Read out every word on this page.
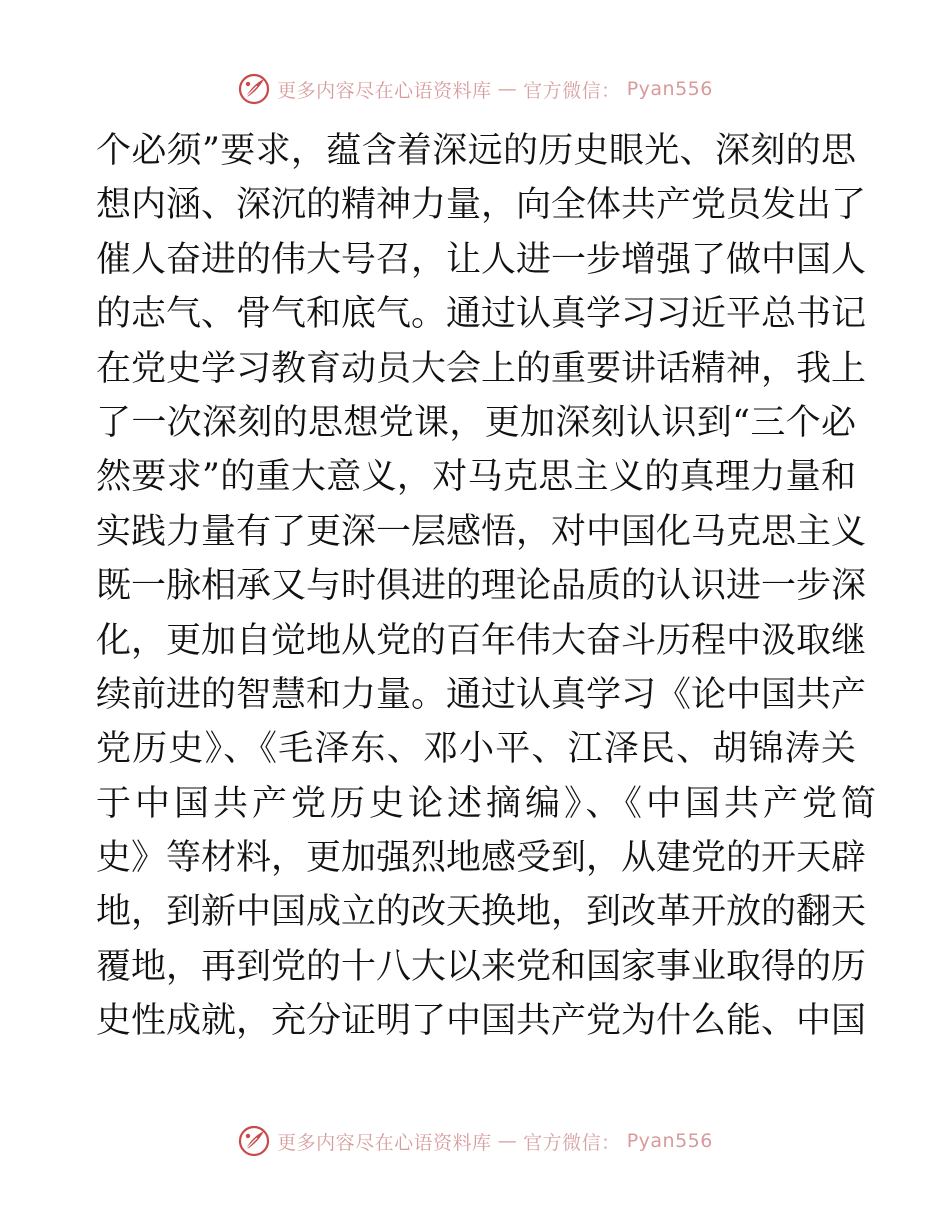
更多内容尽在心语资料库 — 官方微信： Pyan556
个必须”要求，蕴含着深远的历史眼光、深刻的思
想内涵、深沉的精神力量，向全体共产党员发出了
催人奋进的伟大号召，让人进一步增强了做中国人
的志气、骨气和底气。通过认真学习习近平总书记
在党史学习教育动员大会上的重要讲话精神，我上
了一次深刻的思想党课，更加深刻认识到“三个必
然要求”的重大意义，对马克思主义的真理力量和
实践力量有了更深一层感悟，对中国化马克思主义
既一脉相承又与时俱进的理论品质的认识进一步深
化，更加自觉地从党的百年伟大奋斗历程中汲取继
续前进的智慧和力量。通过认真学习《论中国共产
党历史》、《毛泽东、邓小平、江泽民、胡锦涛关
于中国共产党历史论述摘编》、《中国共产党简
史》等材料，更加强烈地感受到，从建党的开天辟
地，到新中国成立的改天换地，到改革开放的翻天
覆地，再到党的十八大以来党和国家事业取得的历
史性成就，充分证明了中国共产党为什么能、中国
更多内容尽在心语资料库 — 官方微信： Pyan556
